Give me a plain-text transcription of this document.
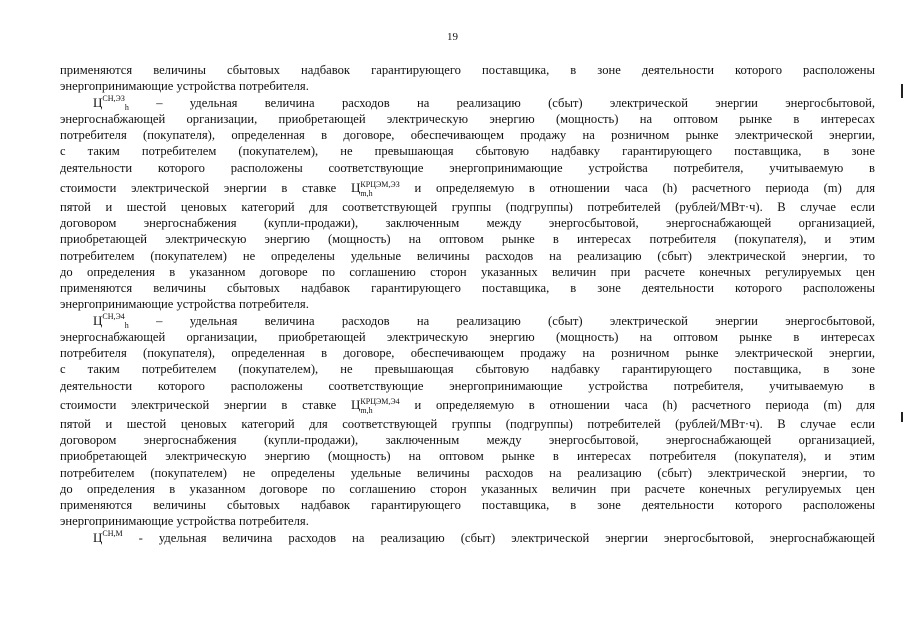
19
применяются величины сбытовых надбавок гарантирующего поставщика, в зоне деятельности которого расположены
энергопринимающие устройства потребителя.
$Ц^{СН,ЭЗ}_h$ – удельная величина расходов на реализацию (сбыт) электрической энергии энергосбытовой,
энергоснабжающей организации, приобретающей электрическую энергию (мощность) на оптовом рынке в интересах
потребителя (покупателя), определенная в договоре, обеспечивающем продажу на розничном рынке электрической энергии,
с таким потребителем (покупателем), не превышающая сбытовую надбавку гарантирующего поставщика, в зоне
деятельности которого расположены соответствующие энергопринимающие устройства потребителя, учитываемую в
стоимости электрической энергии в ставке Ц КРЦЭМ,ЭЗ
m,h	и определяемую в отношении часа (h) расчетного периода (m) для
пятой и шестой ценовых категорий для соответствующей группы (подгруппы) потребителей (рублей/МВт·ч). В случае если
договором энергоснабжения (купли-продажи), заключенным между энергосбытовой, энергоснабжающей организацией,
приобретающей электрическую энергию (мощность) на оптовом рынке в интересах потребителя (покупателя), и этим
потребителем (покупателем) не определены удельные величины расходов на реализацию (сбыт) электрической энергии, то
до определения в указанном договоре по соглашению сторон указанных величин при расчете конечных регулируемых цен
применяются величины сбытовых надбавок гарантирующего поставщика, в зоне деятельности которого расположены
энергопринимающие устройства потребителя.
$Ц^{СН,Э4}_h$ – удельная величина расходов на реализацию (сбыт) электрической энергии энергосбытовой,
энергоснабжающей организации, приобретающей электрическую энергию (мощность) на оптовом рынке в интересах
потребителя (покупателя), определенная в договоре, обеспечивающем продажу на розничном рынке электрической энергии,
с таким потребителем (покупателем), не превышающая сбытовую надбавку гарантирующего поставщика, в зоне
деятельности которого расположены соответствующие энергопринимающие устройства потребителя, учитываемую в
стоимости электрической энергии в ставке Ц КРЦЭМ,Э4
m,h	и определяемую в отношении часа (h) расчетного периода (m) для
пятой и шестой ценовых категорий для соответствующей группы (подгруппы) потребителей (рублей/МВт·ч). В случае если
договором энергоснабжения (купли-продажи), заключенным между энергосбытовой, энергоснабжающей организацией,
приобретающей электрическую энергию (мощность) на оптовом рынке в интересах потребителя (покупателя), и этим
потребителем (покупателем) не определены удельные величины расходов на реализацию (сбыт) электрической энергии, то
до определения в указанном договоре по соглашению сторон указанных величин при расчете конечных регулируемых цен
применяются величины сбытовых надбавок гарантирующего поставщика, в зоне деятельности которого расположены
энергопринимающие устройства потребителя.
$Ц^{СН,М}$ - удельная величина расходов на реализацию (сбыт) электрической энергии энергосбытовой, энергоснабжающей
